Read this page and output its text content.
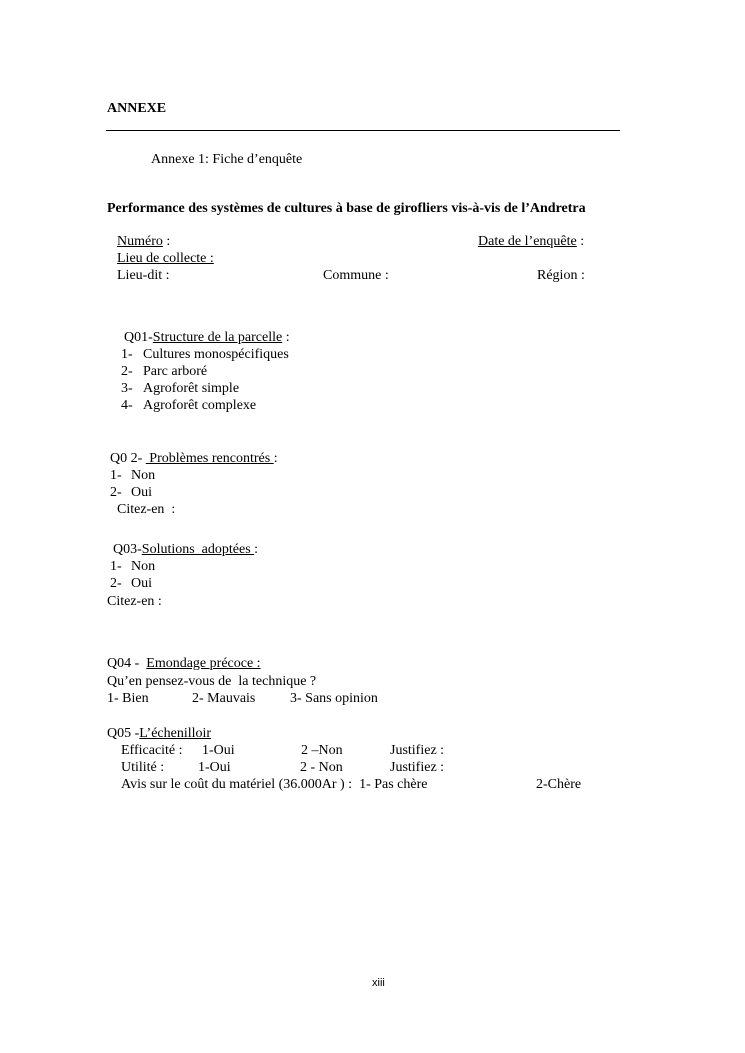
ANNEXE
Annexe 1: Fiche d’enquête
Performance des systèmes de cultures à base de girofliers vis-à-vis de l’Andretra
Numéro :	Date de l’enquête :
Lieu de collecte :
Lieu-dit :	Commune :	Région :
Q01-Structure de la parcelle :
1- Cultures monospécifiques
2- Parc arboré
3- Agroforêt simple
4- Agroforêt complexe
Q0 2-  Problèmes rencontrés :
1- Non
2- Oui
Citez-en  :
Q03-Solutions  adoptées :
1- Non
2- Oui
Citez-en :
Q04 -  Emondage précoce :
Qu’en pensez-vous de  la technique ?
1- Bien	2- Mauvais 3- Sans opinion
Q05 -L’échenilloir
Efficacité : 1-Oui	2 –Non	Justifiez :
Utilité : 1-Oui	2 - Non	Justifiez :
Avis sur le coût du matériel (36.000Ar ) :  1- Pas chère	2-Chère
xiii
